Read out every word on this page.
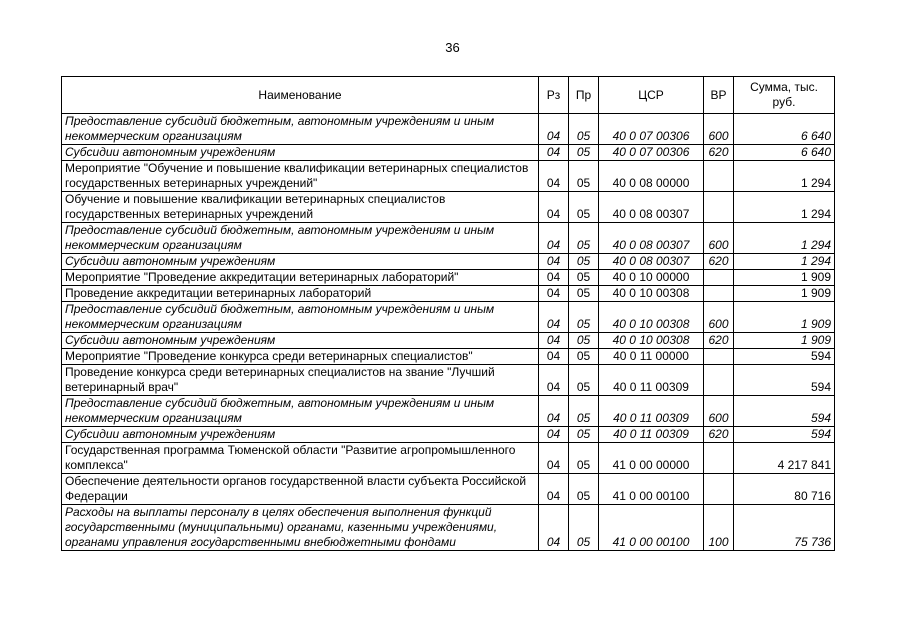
36
Наименование	Рз	Пр	ЦСР	ВР	Сумма, тыс. руб.
Предоставление субсидий бюджетным, автономным учреждениям и иным некоммерческим организациям	04	05	40 0 07 00306	600	6 640
Субсидии автономным учреждениям	04	05	40 0 07 00306	620	6 640
Мероприятие "Обучение и повышение квалификации ветеринарных специалистов государственных ветеринарных учреждений"	04	05	40 0 08 00000		1 294
Обучение и повышение квалификации ветеринарных специалистов государственных ветеринарных учреждений	04	05	40 0 08 00307		1 294
Предоставление субсидий бюджетным, автономным учреждениям и иным некоммерческим организациям	04	05	40 0 08 00307	600	1 294
Субсидии автономным учреждениям	04	05	40 0 08 00307	620	1 294
Мероприятие "Проведение аккредитации ветеринарных лабораторий"	04	05	40 0 10 00000		1 909
Проведение аккредитации ветеринарных лабораторий	04	05	40 0 10 00308		1 909
Предоставление субсидий бюджетным, автономным учреждениям и иным некоммерческим организациям	04	05	40 0 10 00308	600	1 909
Субсидии автономным учреждениям	04	05	40 0 10 00308	620	1 909
Мероприятие "Проведение конкурса среди ветеринарных специалистов"	04	05	40 0 11 00000		594
Проведение конкурса среди ветеринарных специалистов на звание "Лучший ветеринарный врач"	04	05	40 0 11 00309		594
Предоставление субсидий бюджетным, автономным учреждениям и иным некоммерческим организациям	04	05	40 0 11 00309	600	594
Субсидии автономным учреждениям	04	05	40 0 11 00309	620	594
Государственная программа Тюменской области "Развитие агропромышленного комплекса"	04	05	41 0 00 00000		4 217 841
Обеспечение деятельности органов государственной власти субъекта Российской Федерации	04	05	41 0 00 00100		80 716
Расходы на выплаты персоналу в целях обеспечения выполнения функций государственными (муниципальными) органами, казенными учреждениями, органами управления государственными внебюджетными фондами	04	05	41 0 00 00100	100	75 736
